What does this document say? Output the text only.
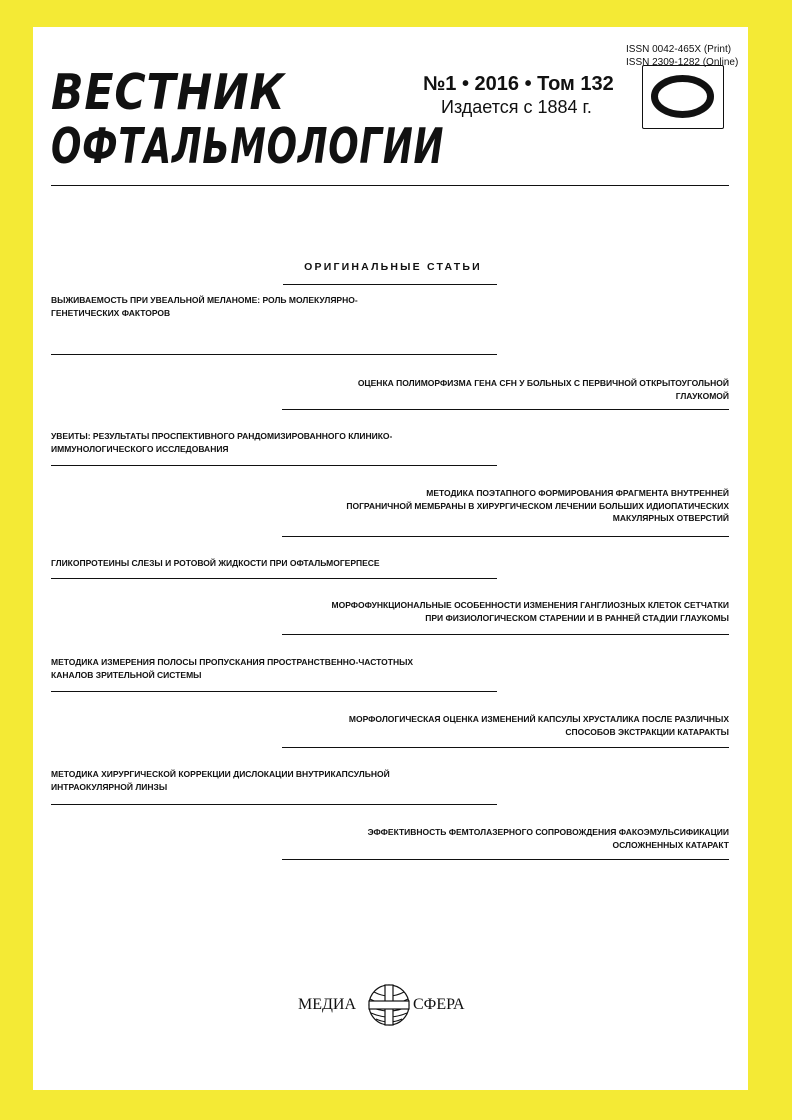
ISSN 0042-465X (Print)
ISSN 2309-1282 (Online)
ВЕСТНИК
ОФТАЛЬМОЛОГИИ
№1 • 2016 • Том 132
Издается с 1884 г.
ОРИГИНАЛЬНЫЕ СТАТЬИ
ВЫЖИВАЕМОСТЬ ПРИ УВЕАЛЬНОЙ МЕЛАНОМЕ: РОЛЬ МОЛЕКУЛЯРНО-
ГЕНЕТИЧЕСКИХ ФАКТОРОВ
ОЦЕНКА ПОЛИМОРФИЗМА ГЕНА CFH У БОЛЬНЫХ С ПЕРВИЧНОЙ ОТКРЫТОУГОЛЬНОЙ
ГЛАУКОМОЙ
УВЕИТЫ: РЕЗУЛЬТАТЫ ПРОСПЕКТИВНОГО РАНДОМИЗИРОВАННОГО КЛИНИКО-
ИММУНОЛОГИЧЕСКОГО ИССЛЕДОВАНИЯ
МЕТОДИКА ПОЭТАПНОГО ФОРМИРОВАНИЯ ФРАГМЕНТА ВНУТРЕННЕЙ
ПОГРАНИЧНОЙ МЕМБРАНЫ В ХИРУРГИЧЕСКОМ ЛЕЧЕНИИ БОЛЬШИХ ИДИОПАТИЧЕСКИХ
МАКУЛЯРНЫХ ОТВЕРСТИЙ
ГЛИКОПРОТЕИНЫ СЛЕЗЫ И РОТОВОЙ ЖИДКОСТИ ПРИ ОФТАЛЬМОГЕРПЕСЕ
МОРФОФУНКЦИОНАЛЬНЫЕ ОСОБЕННОСТИ ИЗМЕНЕНИЯ ГАНГЛИОЗНЫХ КЛЕТОК СЕТЧАТКИ
ПРИ ФИЗИОЛОГИЧЕСКОМ СТАРЕНИИ И В РАННЕЙ СТАДИИ ГЛАУКОМЫ
МЕТОДИКА ИЗМЕРЕНИЯ ПОЛОСЫ ПРОПУСКАНИЯ ПРОСТРАНСТВЕННО-ЧАСТОТНЫХ
КАНАЛОВ ЗРИТЕЛЬНОЙ СИСТЕМЫ
МОРФОЛОГИЧЕСКАЯ ОЦЕНКА ИЗМЕНЕНИЙ КАПСУЛЫ ХРУСТАЛИКА ПОСЛЕ РАЗЛИЧНЫХ
СПОСОБОВ ЭКСТРАКЦИИ КАТАРАКТЫ
МЕТОДИКА ХИРУРГИЧЕСКОЙ КОРРЕКЦИИ ДИСЛОКАЦИИ ВНУТРИКАПСУЛЬНОЙ
ИНТРАОКУЛЯРНОЙ ЛИНЗЫ
ЭФФЕКТИВНОСТЬ ФЕМТОЛАЗЕРНОГО СОПРОВОЖДЕНИЯ ФАКОЭМУЛЬСИФИКАЦИИ
ОСЛОЖНЕННЫХ КАТАРАКТ
МЕДИА	СФЕРА
